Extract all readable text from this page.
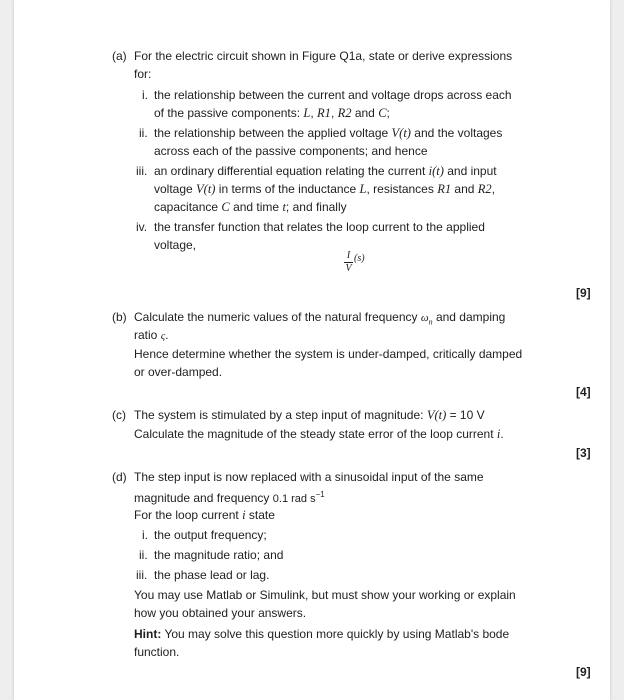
(a) For the electric circuit shown in Figure Q1a, state or derive expressions
for:
i. the relationship between the current and voltage drops across each
of the passive components: L, R1, R2 and C;
ii. the relationship between the applied voltage V(t) and the voltages
across each of the passive components; and hence
iii. an ordinary differential equation relating the current i(t) and input
voltage V(t) in terms of the inductance L, resistances R1 and R2,
capacitance C and time t; and finally
iv. the transfer function that relates the loop current to the applied
voltage,
I
V
(s)
[9]
(b) Calculate the numeric values of the natural frequency $\omega_n$ and damping
ratio ς.
Hence determine whether the system is under-damped, critically damped
or over-damped.
[4]
(c) The system is stimulated by a step input of magnitude: V(t) = 10 V
Calculate the magnitude of the steady state error of the loop current i.
[3]
(d) The step input is now replaced with a sinusoidal input of the same
magnitude and frequency 0.1 rad $s^{-1}$
For the loop current i state
i. the output frequency;
ii. the magnitude ratio; and
iii. the phase lead or lag.
You may use Matlab or Simulink, but must show your working or explain
how you obtained your answers.
Hint: You may solve this question more quickly by using Matlab's bode
function.
[9]
